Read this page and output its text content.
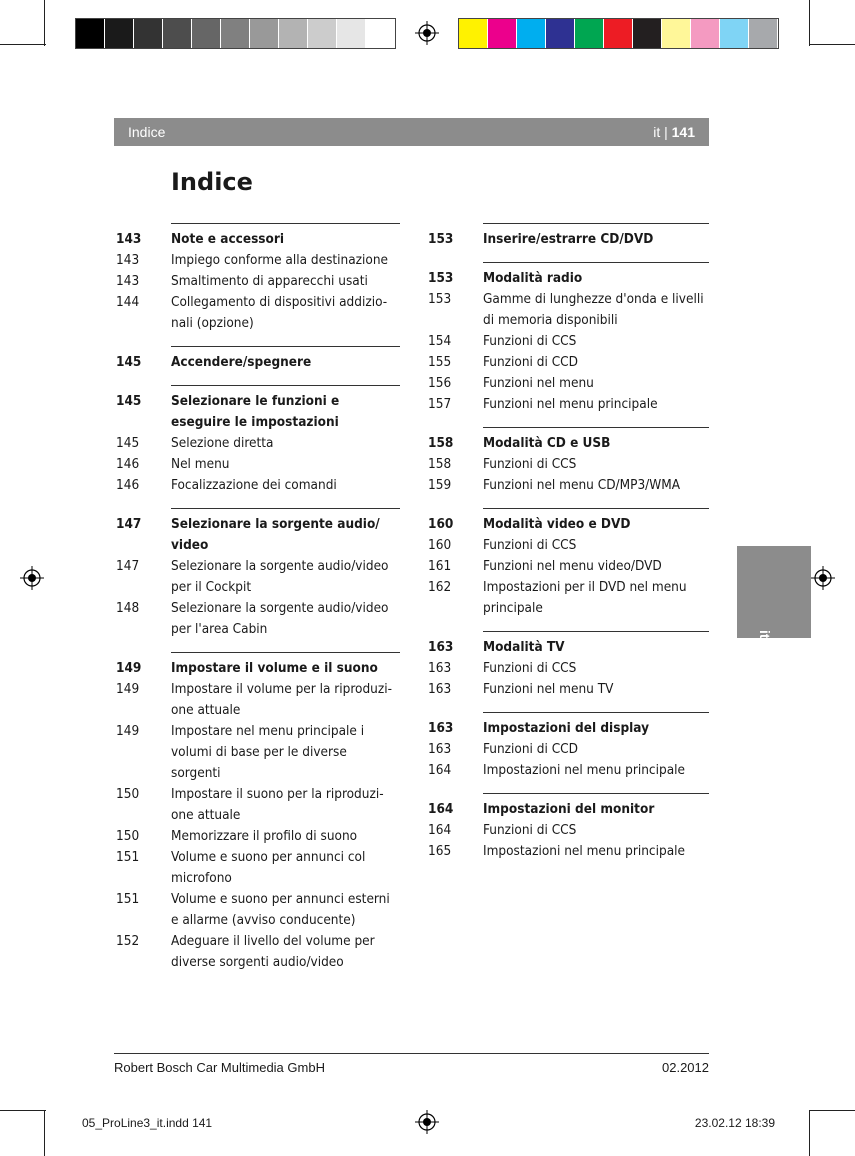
Indice	it | 141
Indice
143	Note e accessori
143	Impiego conforme alla destinazione
143	Smaltimento di apparecchi usati
144	Collegamento di dispositivi addizio-nali (opzione)
145	Accendere/spegnere
145	Selezionare le funzioni e eseguire le impostazioni
145	Selezione diretta
146	Nel menu
146	Focalizzazione dei comandi
147	Selezionare la sorgente audio/ video
147	Selezionare la sorgente audio/video per il Cockpit
148	Selezionare la sorgente audio/video per l'area Cabin
149	Impostare il volume e il suono
149	Impostare il volume per la riproduzi-one attuale
149	Impostare nel menu principale i volumi di base per le diverse sorgenti
150	Impostare il suono per la riproduzi-one attuale
150	Memorizzare il profilo di suono
151	Volume e suono per annunci col microfono
151	Volume e suono per annunci esterni e allarme (avviso conducente)
152	Adeguare il livello del volume per diverse sorgenti audio/video
153	Inserire/estrarre CD/DVD
153	Modalità radio
153	Gamme di lunghezze d'onda e livelli di memoria disponibili
154	Funzioni di CCS
155	Funzioni di CCD
156	Funzioni nel menu
157	Funzioni nel menu principale
158	Modalità CD e USB
158	Funzioni di CCS
159	Funzioni nel menu CD/MP3/WMA
160	Modalità video e DVD
160	Funzioni di CCS
161	Funzioni nel menu video/DVD
162	Impostazioni per il DVD nel menu principale
163	Modalità TV
163	Funzioni di CCS
163	Funzioni nel menu TV
163	Impostazioni del display
163	Funzioni di CCD
164	Impostazioni nel menu principale
164	Impostazioni del monitor
164	Funzioni di CCS
165	Impostazioni nel menu principale
it
Robert Bosch Car Multimedia GmbH	02.2012
05_ProLine3_it.indd 141	23.02.12 18:39
